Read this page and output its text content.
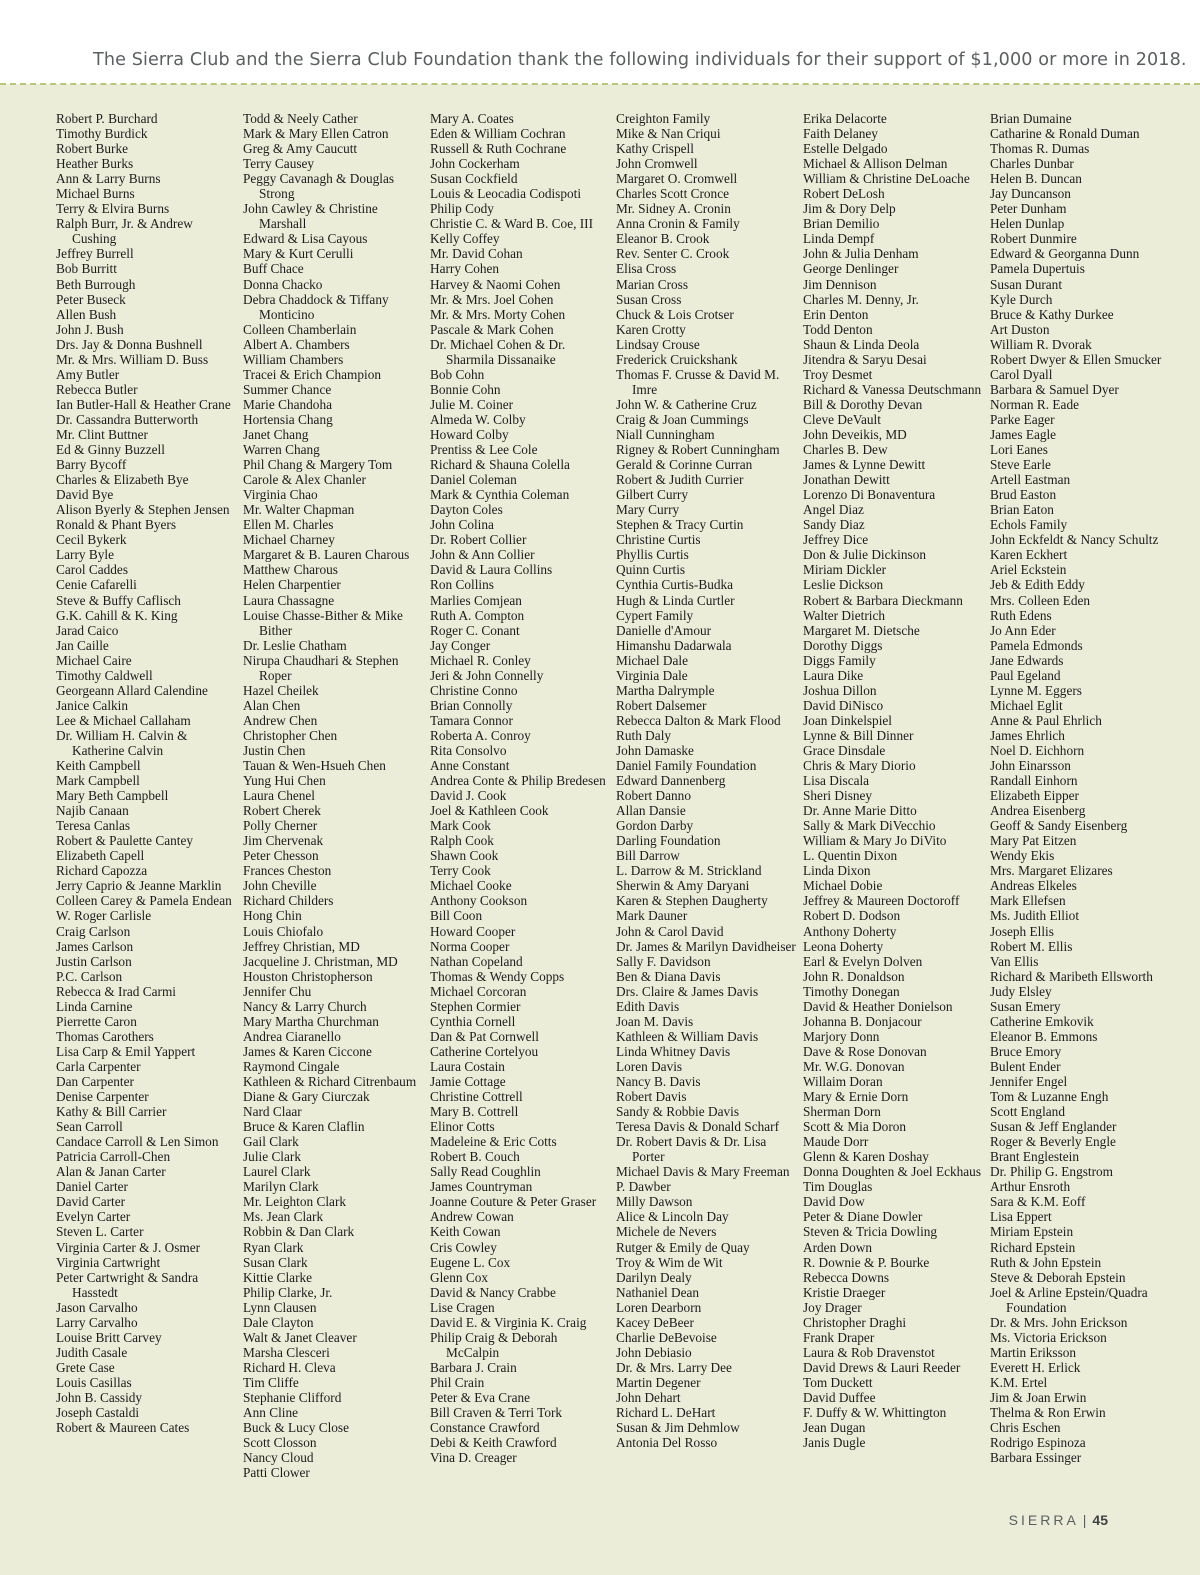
The Sierra Club and the Sierra Club Foundation thank the following individuals for their support of $1,000 or more in 2018.
Robert P. Burchard
Timothy Burdick
Robert Burke
Heather Burks
Ann & Larry Burns
Michael Burns
Terry & Elvira Burns
Ralph Burr, Jr. & Andrew Cushing
Jeffrey Burrell
Bob Burritt
Beth Burrough
Peter Buseck
Allen Bush
John J. Bush
Drs. Jay & Donna Bushnell
Mr. & Mrs. William D. Buss
Amy Butler
Rebecca Butler
Ian Butler-Hall & Heather Crane
Dr. Cassandra Butterworth
Mr. Clint Buttner
Ed & Ginny Buzzell
Barry Bycoff
Charles & Elizabeth Bye
David Bye
Alison Byerly & Stephen Jensen
Ronald & Phant Byers
Cecil Bykerk
Larry Byle
Carol Caddes
Cenie Cafarelli
Steve & Buffy Caflisch
G.K. Cahill & K. King
Jarad Caico
Jan Caille
Michael Caire
Timothy Caldwell
Georgeann Allard Calendine
Janice Calkin
Lee & Michael Callaham
Dr. William H. Calvin & Katherine Calvin
Keith Campbell
Mark Campbell
Mary Beth Campbell
Najib Canaan
Teresa Canlas
Robert & Paulette Cantey
Elizabeth Capell
Richard Capozza
Jerry Caprio & Jeanne Marklin
Colleen Carey & Pamela Endean
W. Roger Carlisle
Craig Carlson
James Carlson
Justin Carlson
P.C. Carlson
Rebecca & Irad Carmi
Linda Carnine
Pierrette Caron
Thomas Carothers
Lisa Carp & Emil Yappert
Carla Carpenter
Dan Carpenter
Denise Carpenter
Kathy & Bill Carrier
Sean Carroll
Candace Carroll & Len Simon
Patricia Carroll-Chen
Alan & Janan Carter
Daniel Carter
David Carter
Evelyn Carter
Steven L. Carter
Virginia Carter & J. Osmer
Virginia Cartwright
Peter Cartwright & Sandra Hasstedt
Jason Carvalho
Larry Carvalho
Louise Britt Carvey
Judith Casale
Grete Case
Louis Casillas
John B. Cassidy
Joseph Castaldi
Robert & Maureen Cates
Todd & Neely Cather
Mark & Mary Ellen Catron
Greg & Amy Caucutt
Terry Causey
Peggy Cavanagh & Douglas Strong
John Cawley & Christine Marshall
Edward & Lisa Cayous
Mary & Kurt Cerulli
Buff Chace
Donna Chacko
Debra Chaddock & Tiffany Monticino
Colleen Chamberlain
Albert A. Chambers
William Chambers
Tracei & Erich Champion
Summer Chance
Marie Chandoha
Hortensia Chang
Janet Chang
Warren Chang
Phil Chang & Margery Tom
Carole & Alex Chanler
Virginia Chao
Mr. Walter Chapman
Ellen M. Charles
Michael Charney
Margaret & B. Lauren Charous
Matthew Charous
Helen Charpentier
Laura Chassagne
Louise Chasse-Bither & Mike Bither
Dr. Leslie Chatham
Nirupa Chaudhari & Stephen Roper
Hazel Cheilek
Alan Chen
Andrew Chen
Christopher Chen
Justin Chen
Tauan & Wen-Hsueh Chen
Yung Hui Chen
Laura Chenel
Robert Cherek
Polly Cherner
Jim Chervenak
Peter Chesson
Frances Cheston
John Cheville
Richard Childers
Hong Chin
Louis Chiofalo
Jeffrey Christian, MD
Jacqueline J. Christman, MD
Houston Christopherson
Jennifer Chu
Nancy & Larry Church
Mary Martha Churchman
Andrea Ciaranello
James & Karen Ciccone
Raymond Cingale
Kathleen & Richard Citrenbaum
Diane & Gary Ciurczak
Nard Claar
Bruce & Karen Claflin
Gail Clark
Julie Clark
Laurel Clark
Marilyn Clark
Mr. Leighton Clark
Ms. Jean Clark
Robbin & Dan Clark
Ryan Clark
Susan Clark
Kittie Clarke
Philip Clarke, Jr.
Lynn Clausen
Dale Clayton
Walt & Janet Cleaver
Marsha Clesceri
Richard H. Cleva
Tim Cliffe
Stephanie Clifford
Ann Cline
Buck & Lucy Close
Scott Closson
Nancy Cloud
Patti Clower
Mary A. Coates
Eden & William Cochran
Russell & Ruth Cochrane
John Cockerham
Susan Cockfield
Louis & Leocadia Codispoti
Philip Cody
Christie C. & Ward B. Coe, III
Kelly Coffey
Mr. David Cohan
Harry Cohen
Harvey & Naomi Cohen
Mr. & Mrs. Joel Cohen
Mr. & Mrs. Morty Cohen
Pascale & Mark Cohen
Dr. Michael Cohen & Dr. Sharmila Dissanaike
Bob Cohn
Bonnie Cohn
Julie M. Coiner
Almeda W. Colby
Howard Colby
Prentiss & Lee Cole
Richard & Shauna Colella
Daniel Coleman
Mark & Cynthia Coleman
Dayton Coles
John Colina
Dr. Robert Collier
John & Ann Collier
David & Laura Collins
Ron Collins
Marlies Comjean
Ruth A. Compton
Roger C. Conant
Jay Conger
Michael R. Conley
Jeri & John Connelly
Christine Conno
Brian Connolly
Tamara Connor
Roberta A. Conroy
Rita Consolvo
Anne Constant
Andrea Conte & Philip Bredesen
David J. Cook
Joel & Kathleen Cook
Mark Cook
Ralph Cook
Shawn Cook
Terry Cook
Michael Cooke
Anthony Cookson
Bill Coon
Howard Cooper
Norma Cooper
Nathan Copeland
Thomas & Wendy Copps
Michael Corcoran
Stephen Cormier
Cynthia Cornell
Dan & Pat Cornwell
Catherine Cortelyou
Laura Costain
Jamie Cottage
Christine Cottrell
Mary B. Cottrell
Elinor Cotts
Madeleine & Eric Cotts
Robert B. Couch
Sally Read Coughlin
James Countryman
Joanne Couture & Peter Graser
Andrew Cowan
Keith Cowan
Cris Cowley
Eugene L. Cox
Glenn Cox
David & Nancy Crabbe
Lise Cragen
David E. & Virginia K. Craig
Philip Craig & Deborah McCalpin
Barbara J. Crain
Phil Crain
Peter & Eva Crane
Bill Craven & Terri Tork
Constance Crawford
Debi & Keith Crawford
Vina D. Creager
Creighton Family
Mike & Nan Criqui
Kathy Crispell
John Cromwell
Margaret O. Cromwell
Charles Scott Cronce
Mr. Sidney A. Cronin
Anna Cronin & Family
Eleanor B. Crook
Rev. Senter C. Crook
Elisa Cross
Marian Cross
Susan Cross
Chuck & Lois Crotser
Karen Crotty
Lindsay Crouse
Frederick Cruickshank
Thomas F. Crusse & David M. Imre
John W. & Catherine Cruz
Craig & Joan Cummings
Niall Cunningham
Rigney & Robert Cunningham
Gerald & Corinne Curran
Robert & Judith Currier
Gilbert Curry
Mary Curry
Stephen & Tracy Curtin
Christine Curtis
Phyllis Curtis
Quinn Curtis
Cynthia Curtis-Budka
Hugh & Linda Curtler
Cypert Family
Danielle d'Amour
Himanshu Dadarwala
Michael Dale
Virginia Dale
Martha Dalrymple
Robert Dalsemer
Rebecca Dalton & Mark Flood
Ruth Daly
John Damaske
Daniel Family Foundation
Edward Dannenberg
Robert Danno
Allan Dansie
Gordon Darby
Darling Foundation
Bill Darrow
L. Darrow & M. Strickland
Sherwin & Amy Daryani
Karen & Stephen Daugherty
Mark Dauner
John & Carol David
Dr. James & Marilyn Davidheiser
Sally F. Davidson
Ben & Diana Davis
Drs. Claire & James Davis
Edith Davis
Joan M. Davis
Kathleen & William Davis
Linda Whitney Davis
Loren Davis
Nancy B. Davis
Robert Davis
Sandy & Robbie Davis
Teresa Davis & Donald Scharf
Dr. Robert Davis & Dr. Lisa Porter
Michael Davis & Mary Freeman
P. Dawber
Milly Dawson
Alice & Lincoln Day
Michele de Nevers
Rutger & Emily de Quay
Troy & Wim de Wit
Darilyn Dealy
Nathaniel Dean
Loren Dearborn
Kacey DeBeer
Charlie DeBevoise
John Debiasio
Dr. & Mrs. Larry Dee
Martin Degener
John Dehart
Richard L. DeHart
Susan & Jim Dehmlow
Antonia Del Rosso
Erika Delacorte
Faith Delaney
Estelle Delgado
Michael & Allison Delman
William & Christine DeLoache
Robert DeLosh
Jim & Dory Delp
Brian Demilio
Linda Dempf
John & Julia Denham
George Denlinger
Jim Dennison
Charles M. Denny, Jr.
Erin Denton
Todd Denton
Shaun & Linda Deola
Jitendra & Saryu Desai
Troy Desmet
Richard & Vanessa Deutschmann
Bill & Dorothy Devan
Cleve DeVault
John Deveikis, MD
Charles B. Dew
James & Lynne Dewitt
Jonathan Dewitt
Lorenzo Di Bonaventura
Angel Diaz
Sandy Diaz
Jeffrey Dice
Don & Julie Dickinson
Miriam Dickler
Leslie Dickson
Robert & Barbara Dieckmann
Walter Dietrich
Margaret M. Dietsche
Dorothy Diggs
Diggs Family
Laura Dike
Joshua Dillon
David DiNisco
Joan Dinkelspiel
Lynne & Bill Dinner
Grace Dinsdale
Chris & Mary Diorio
Lisa Discala
Sheri Disney
Dr. Anne Marie Ditto
Sally & Mark DiVecchio
William & Mary Jo DiVito
L. Quentin Dixon
Linda Dixon
Michael Dobie
Jeffrey & Maureen Doctoroff
Robert D. Dodson
Anthony Doherty
Leona Doherty
Earl & Evelyn Dolven
John R. Donaldson
Timothy Donegan
David & Heather Donielson
Johanna B. Donjacour
Marjory Donn
Dave & Rose Donovan
Mr. W.G. Donovan
Willaim Doran
Mary & Ernie Dorn
Sherman Dorn
Scott & Mia Doron
Maude Dorr
Glenn & Karen Doshay
Donna Doughten & Joel Eckhaus
Tim Douglas
David Dow
Peter & Diane Dowler
Steven & Tricia Dowling
Arden Down
R. Downie & P. Bourke
Rebecca Downs
Kristie Draeger
Joy Drager
Christopher Draghi
Frank Draper
Laura & Rob Dravenstot
David Drews & Lauri Reeder
Tom Duckett
David Duffee
F. Duffy & W. Whittington
Jean Dugan
Janis Dugle
Brian Dumaine
Catharine & Ronald Duman
Thomas R. Dumas
Charles Dunbar
Helen B. Duncan
Jay Duncanson
Peter Dunham
Helen Dunlap
Robert Dunmire
Edward & Georganna Dunn
Pamela Dupertuis
Susan Durant
Kyle Durch
Bruce & Kathy Durkee
Art Duston
William R. Dvorak
Robert Dwyer & Ellen Smucker
Carol Dyall
Barbara & Samuel Dyer
Norman R. Eade
Parke Eager
James Eagle
Lori Eanes
Steve Earle
Artell Eastman
Brud Easton
Brian Eaton
Echols Family
John Eckfeldt & Nancy Schultz
Karen Eckhert
Ariel Eckstein
Jeb & Edith Eddy
Mrs. Colleen Eden
Ruth Edens
Jo Ann Eder
Pamela Edmonds
Jane Edwards
Paul Egeland
Lynne M. Eggers
Michael Eglit
Anne & Paul Ehrlich
James Ehrlich
Noel D. Eichhorn
John Einarsson
Randall Einhorn
Elizabeth Eipper
Andrea Eisenberg
Geoff & Sandy Eisenberg
Mary Pat Eitzen
Wendy Ekis
Mrs. Margaret Elizares
Andreas Elkeles
Mark Ellefsen
Ms. Judith Elliot
Joseph Ellis
Robert M. Ellis
Van Ellis
Richard & Maribeth Ellsworth
Judy Elsley
Susan Emery
Catherine Emkovik
Eleanor B. Emmons
Bruce Emory
Bulent Ender
Jennifer Engel
Tom & Luzanne Engh
Scott England
Susan & Jeff Englander
Roger & Beverly Engle
Brant Englestein
Dr. Philip G. Engstrom
Arthur Ensroth
Sara & K.M. Eoff
Lisa Eppert
Miriam Epstein
Richard Epstein
Ruth & John Epstein
Steve & Deborah Epstein
Joel & Arline Epstein/Quadra Foundation
Dr. & Mrs. John Erickson
Ms. Victoria Erickson
Martin Eriksson
Everett H. Erlick
K.M. Ertel
Jim & Joan Erwin
Thelma & Ron Erwin
Chris Eschen
Rodrigo Espinoza
Barbara Essinger
SIERRA | 45
